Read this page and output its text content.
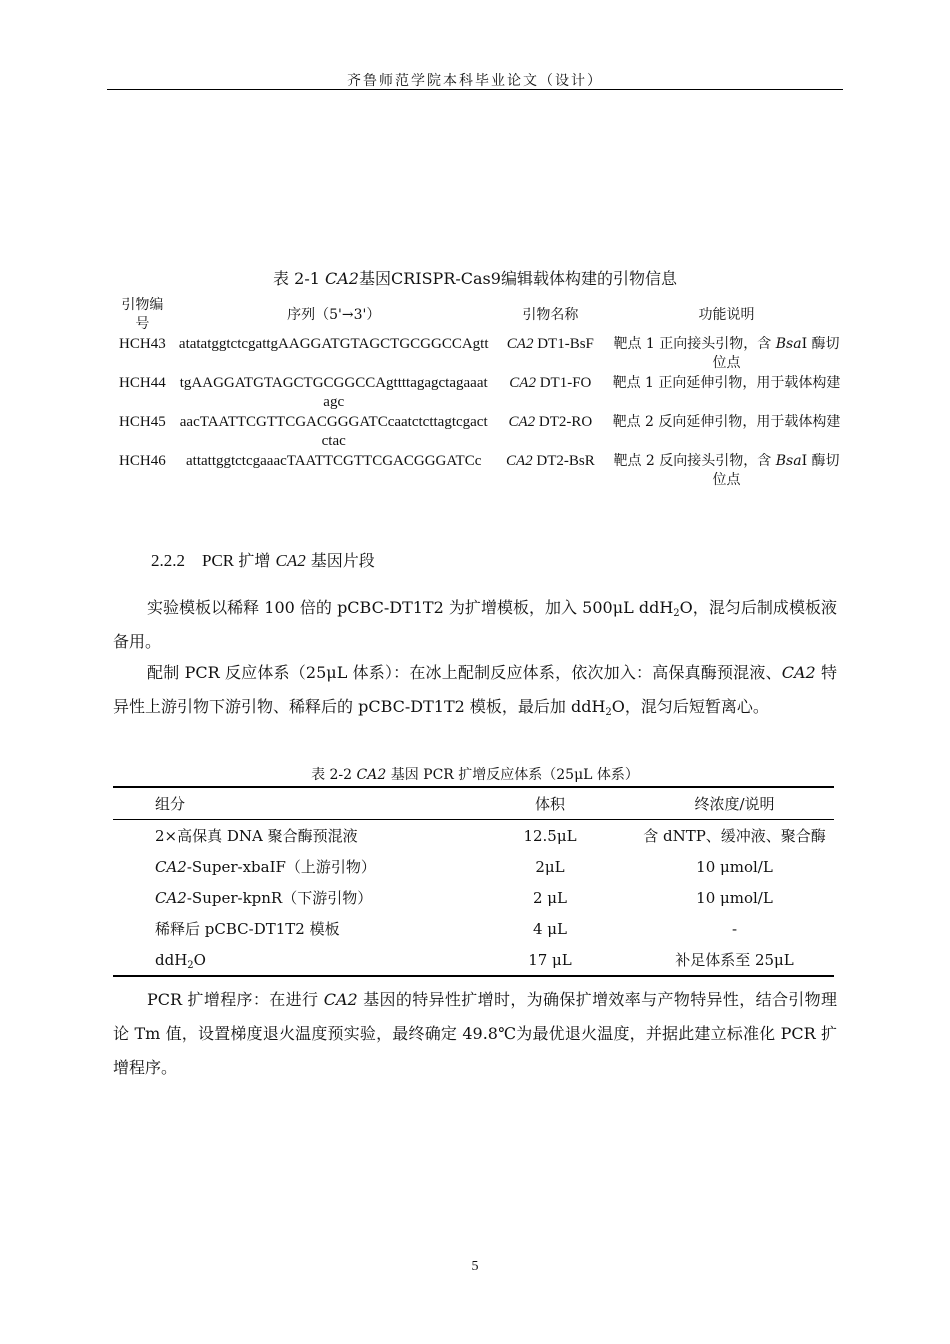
齐鲁师范学院本科毕业论文（设计）
表 2-1 CA2基因CRISPR-Cas9编辑载体构建的引物信息
引物编号	序列（5'→3'）	引物名称	功能说明
HCH43	atatatggtctcgattgAAGGATGTAGCTGCGGCCAgtt	CA2 DT1-BsF	靶点 1 正向接头引物，含 BsaI 酶切位点
HCH44	tgAAGGATGTAGCTGCGGCCAgttttagagctagaaatagc	CA2 DT1-FO	靶点 1 正向延伸引物，用于载体构建
HCH45	aacTAATTCGTTCGACGGGATCcaatctcttagtcgactctac	CA2 DT2-RO	靶点 2 反向延伸引物，用于载体构建
HCH46	attattggtctcgaaacTAATTCGTTCGACGGGATCc	CA2 DT2-BsR	靶点 2 反向接头引物，含 BsaI 酶切位点
2.2.2 PCR 扩增 CA2 基因片段

实验模板以稀释 100 倍的 pCBC-DT1T2 为扩增模板，加入 500μL ddH$_2$O，混匀后制成模板液备用。

配制 PCR 反应体系（25μL 体系）：在冰上配制反应体系，依次加入：高保真酶预混液、CA2 特异性上游引物下游引物、稀释后的 pCBC-DT1T2 模板，最后加 ddH$_2$O，混匀后短暂离心。

表 2-2 CA2 基因 PCR 扩增反应体系（25μL 体系）
组分	体积	终浓度/说明
2×高保真 DNA 聚合酶预混液	12.5μL	含 dNTP、缓冲液、聚合酶
CA2-Super-xbaIF（上游引物）	2μL	10 μmol/L
CA2-Super-kpnR（下游引物）	2 μL	10 μmol/L
稀释后 pCBC-DT1T2 模板	4 μL	-
ddH$_2$O	17 μL	补足体系至 25μL

PCR 扩增程序：在进行 CA2 基因的特异性扩增时，为确保扩增效率与产物特异性，结合引物理论 Tm 值，设置梯度退火温度预实验，最终确定 49.8℃为最优退火温度，并据此建立标准化 PCR 扩增程序。

5
